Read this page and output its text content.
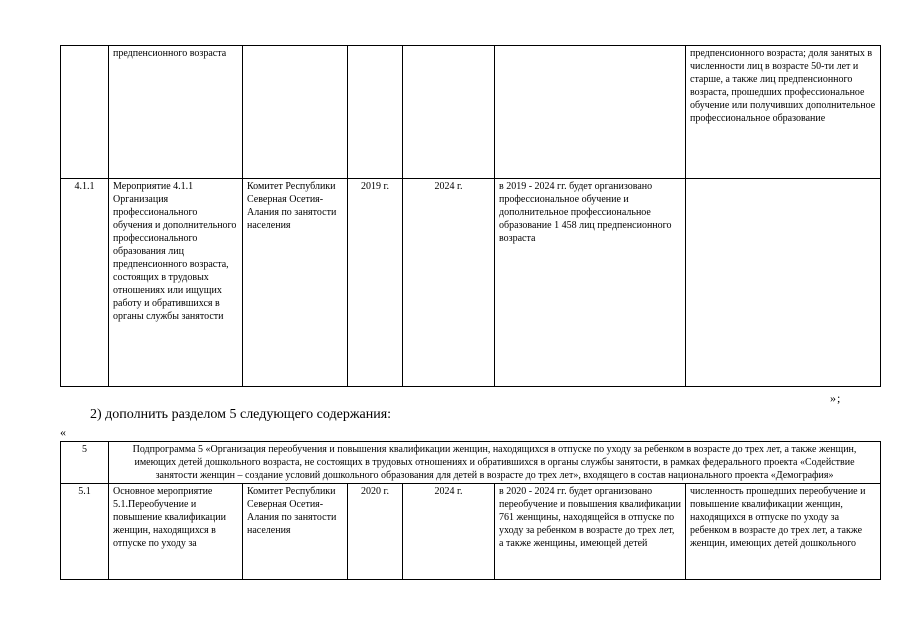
	предпенсионного возраста					предпенсионного возраста; доля занятых в численности лиц в возрасте 50-ти лет и старше, а также лиц предпенсионного возраста, прошедших профессиональное обучение или получивших дополнительное профессиональное образование
4.1.1	Мероприятие 4.1.1 Организация профессионального обучения и дополнительного профессионального образования лиц предпенсионного возраста, состоящих в трудовых отношениях или ищущих работу и обратившихся в органы службы занятости	Комитет Республики Северная Осетия-Алания по занятости населения	2019 г.	2024 г.	в 2019 - 2024 гг. будет организовано профессиональное обучение и дополнительное профессиональное образование 1 458 лиц предпенсионного возраста	
»;
2) дополнить разделом 5 следующего содержания:
«
5	Подпрограмма 5 «Организация переобучения и повышения квалификации женщин, находящихся в отпуске по уходу за ребенком в возрасте до трех лет, а также женщин, имеющих детей дошкольного возраста, не состоящих в трудовых отношениях и обратившихся в органы службы занятости, в рамках федерального проекта «Содействие занятости женщин – создание условий дошкольного образования для детей в возрасте до трех лет», входящего в состав национального проекта «Демография»					
5.1	Основное мероприятие 5.1.Переобучение и повышение квалификации женщин, находящихся в отпуске по уходу за	Комитет Республики Северная Осетия-Алания по занятости населения	2020 г.	2024 г.	в 2020 - 2024 гг. будет организовано переобучение и повышения квалификации 761 женщины, находящейся в отпуске по уходу за ребенком в возрасте до трех лет, а также женщины, имеющей детей	численность прошедших переобучение и повышение квалификации женщин, находящихся в отпуске по уходу за ребенком в возрасте до трех лет, а также женщин, имеющих детей дошкольного
